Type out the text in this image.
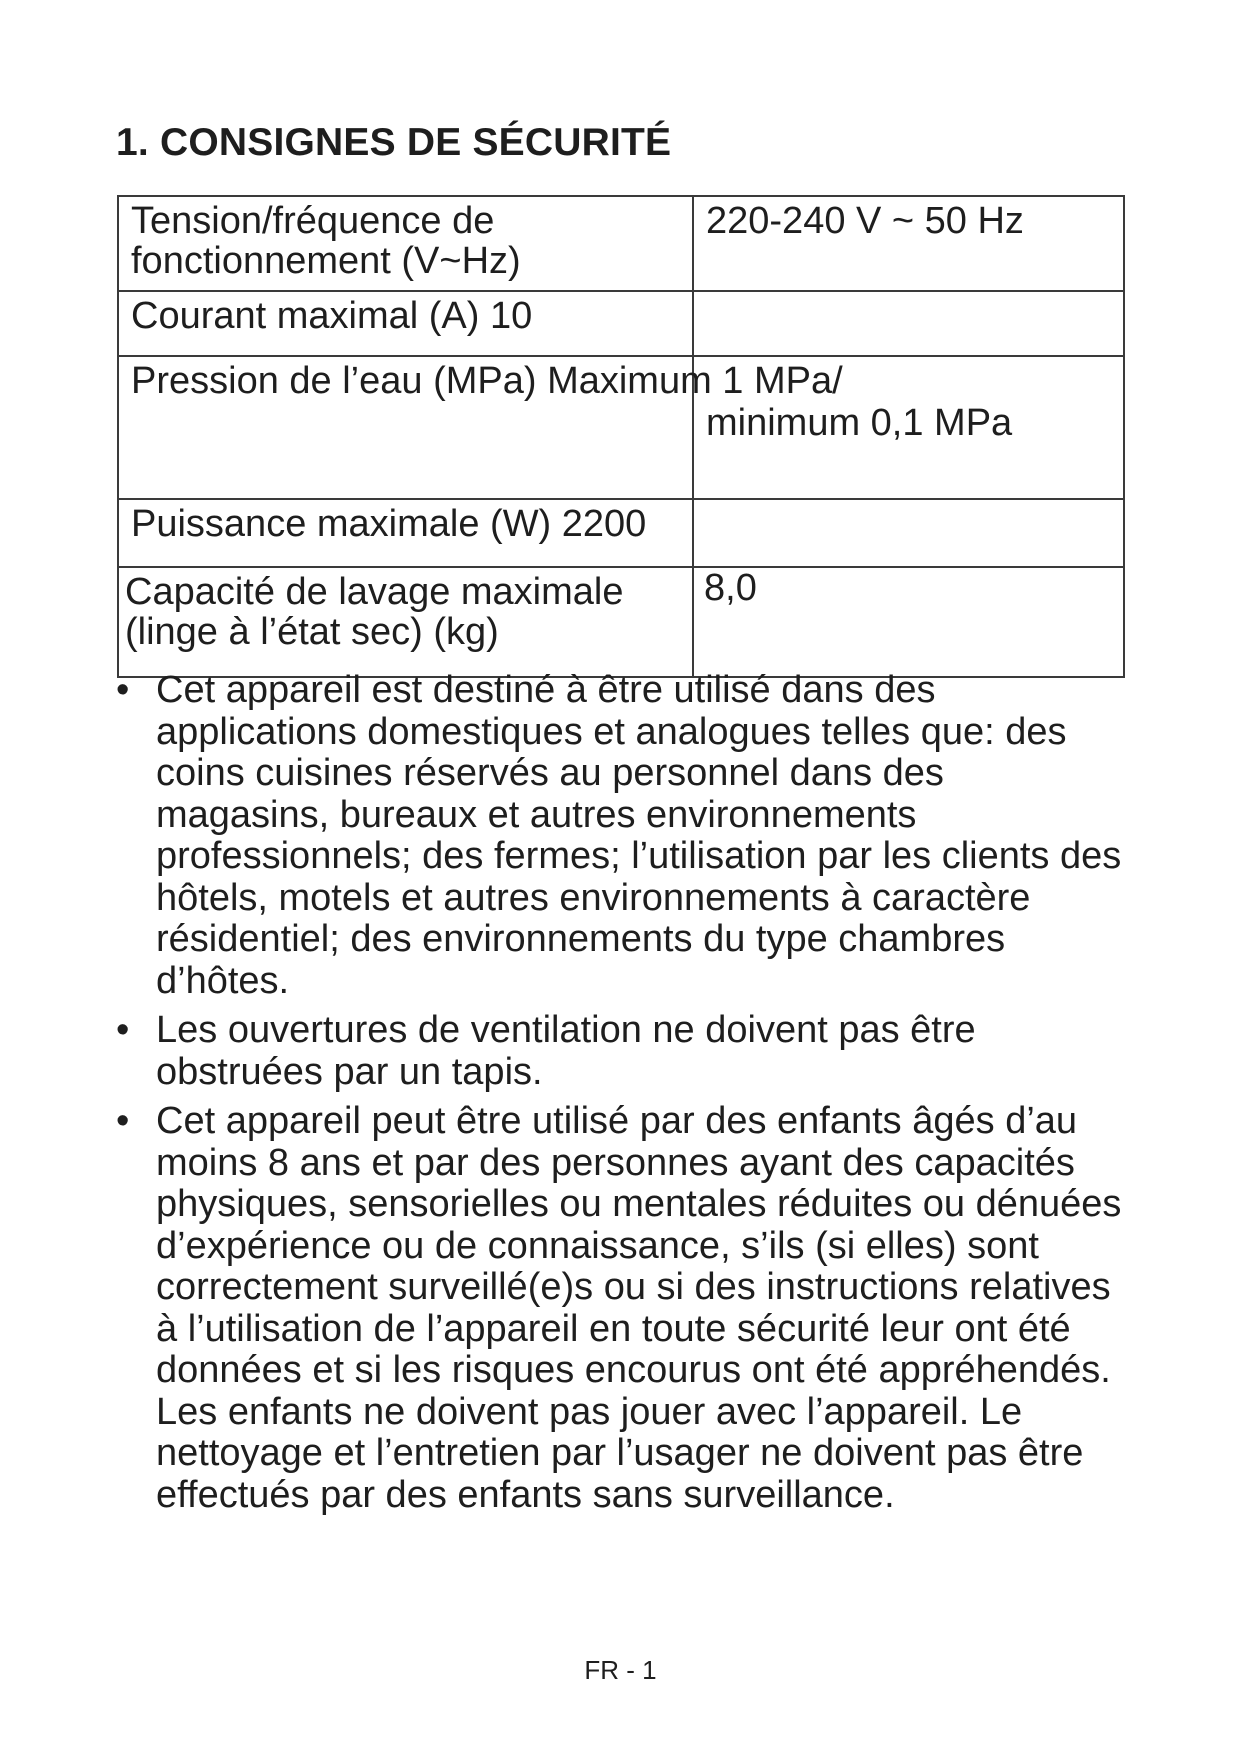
1. CONSIGNES DE SÉCURITÉ
Tension/fréquence de fonctionnement (V~Hz)	220-240 V ~ 50 Hz
Courant maximal (A) 10	
Pression de l’eau (MPa) Maximum 1 MPa/	minimum 0,1 MPa
Puissance maximale (W) 2200	
Capacité de lavage maximale (linge à l’état sec) (kg)	8,0
• Cet appareil est destiné à être utilisé dans des applications domestiques et analogues telles que: des coins cuisines réservés au personnel dans des magasins, bureaux et autres environnements professionnels; des fermes; l’utilisation par les clients des hôtels, motels et autres environnements à caractère résidentiel; des environnements du type chambres d’hôtes.
• Les ouvertures de ventilation ne doivent pas être obstruées par un tapis.
• Cet appareil peut être utilisé par des enfants âgés d’au moins 8 ans et par des personnes ayant des capacités physiques, sensorielles ou mentales réduites ou dénuées d’expérience ou de connaissance, s’ils (si elles) sont correctement surveillé(e)s ou si des instructions relatives à l’utilisation de l’appareil en toute sécurité leur ont été données et si les risques encourus ont été appréhendés. Les enfants ne doivent pas jouer avec l’appareil. Le nettoyage et l’entretien par l’usager ne doivent pas être effectués par des enfants sans surveillance.
FR - 1
